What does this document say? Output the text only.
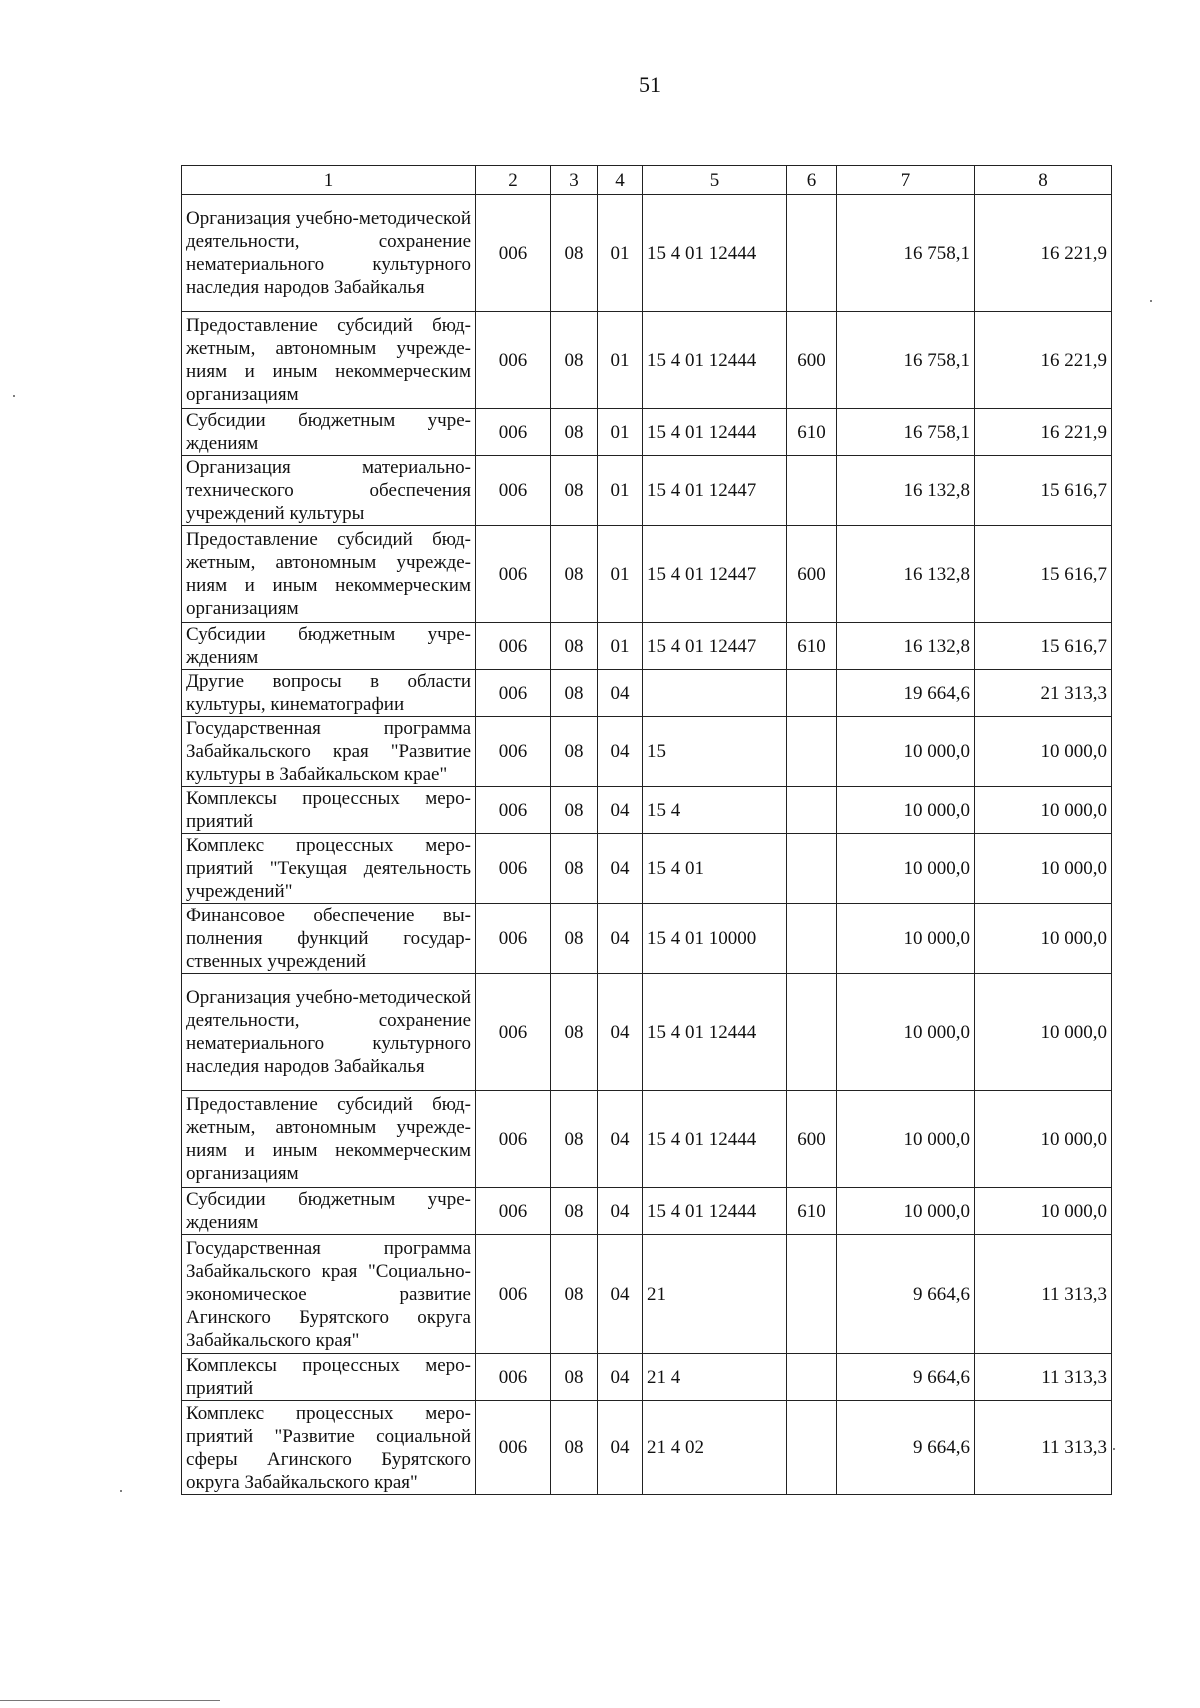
51
1	2	3	4	5	6	7	8
Организация учебно-методической деятельности, сохранение нематериального культурного наследия народов Забайкалья	006	08	01	15 4 01 12444		16 758,1	16 221,9
Предоставление субсидий бюджетным, автономным учреждениям и иным некоммерческим организациям	006	08	01	15 4 01 12444	600	16 758,1	16 221,9
Субсидии бюджетным учреждениям	006	08	01	15 4 01 12444	610	16 758,1	16 221,9
Организация материально-технического обеспечения учреждений культуры	006	08	01	15 4 01 12447		16 132,8	15 616,7
Предоставление субсидий бюджетным, автономным учреждениям и иным некоммерческим организациям	006	08	01	15 4 01 12447	600	16 132,8	15 616,7
Субсидии бюджетным учреждениям	006	08	01	15 4 01 12447	610	16 132,8	15 616,7
Другие вопросы в области культуры, кинематографии	006	08	04			19 664,6	21 313,3
Государственная программа Забайкальского края "Развитие культуры в Забайкальском крае"	006	08	04	15		10 000,0	10 000,0
Комплексы процессных мероприятий	006	08	04	15 4		10 000,0	10 000,0
Комплекс процессных мероприятий "Текущая деятельность учреждений"	006	08	04	15 4 01		10 000,0	10 000,0
Финансовое обеспечение выполнения функций государственных учреждений	006	08	04	15 4 01 10000		10 000,0	10 000,0
Организация учебно-методической деятельности, сохранение нематериального культурного наследия народов Забайкалья	006	08	04	15 4 01 12444		10 000,0	10 000,0
Предоставление субсидий бюджетным, автономным учреждениям и иным некоммерческим организациям	006	08	04	15 4 01 12444	600	10 000,0	10 000,0
Субсидии бюджетным учреждениям	006	08	04	15 4 01 12444	610	10 000,0	10 000,0
Государственная программа Забайкальского края "Социально-экономическое развитие Агинского Бурятского округа Забайкальского края"	006	08	04	21		9 664,6	11 313,3
Комплексы процессных мероприятий	006	08	04	21 4		9 664,6	11 313,3
Комплекс процессных мероприятий "Развитие социальной сферы Агинского Бурятского округа Забайкальского края"	006	08	04	21 4 02		9 664,6	11 313,3
